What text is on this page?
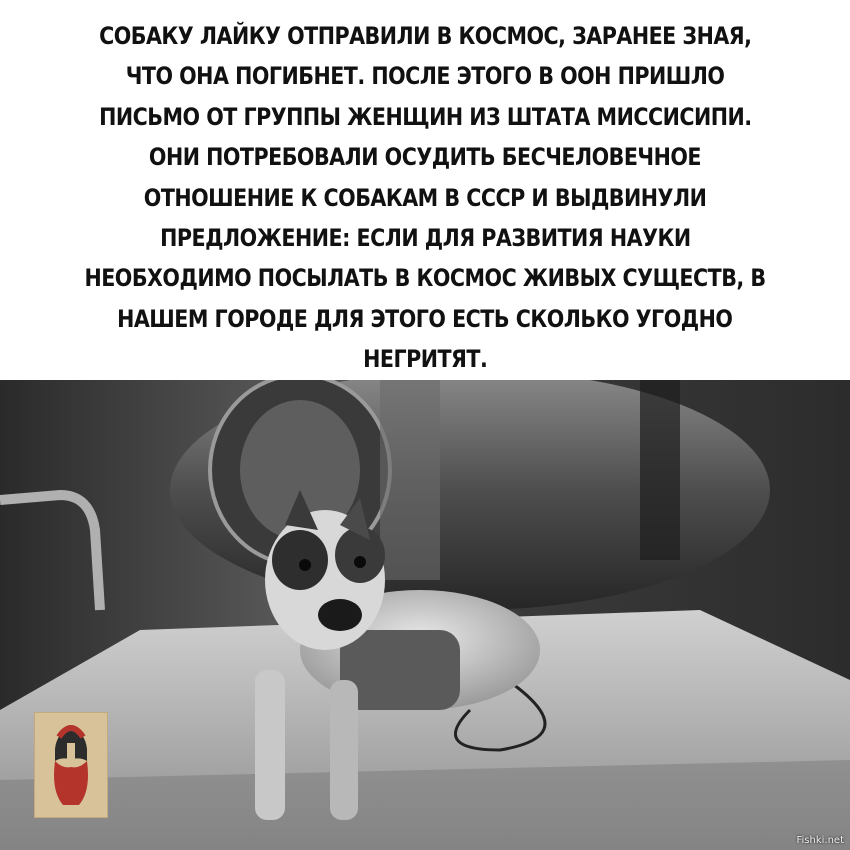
СОБАКУ ЛАЙКУ ОТПРАВИЛИ В КОСМОС, ЗАРАНЕЕ ЗНАЯ,
ЧТО ОНА ПОГИБНЕТ. ПОСЛЕ ЭТОГО В ООН ПРИШЛО
ПИСЬМО ОТ ГРУППЫ ЖЕНЩИН ИЗ ШТАТА МИССИСИПИ.
ОНИ ПОТРЕБОВАЛИ ОСУДИТЬ БЕСЧЕЛОВЕЧНОЕ
ОТНОШЕНИЕ К СОБАКАМ В СССР И ВЫДВИНУЛИ
ПРЕДЛОЖЕНИЕ: ЕСЛИ ДЛЯ РАЗВИТИЯ НАУКИ
НЕОБХОДИМО ПОСЫЛАТЬ В КОСМОС ЖИВЫХ СУЩЕСТВ, В
НАШЕМ ГОРОДЕ ДЛЯ ЭТОГО ЕСТЬ СКОЛЬКО УГОДНО
НЕГРИТЯТ.
Fishki.net
